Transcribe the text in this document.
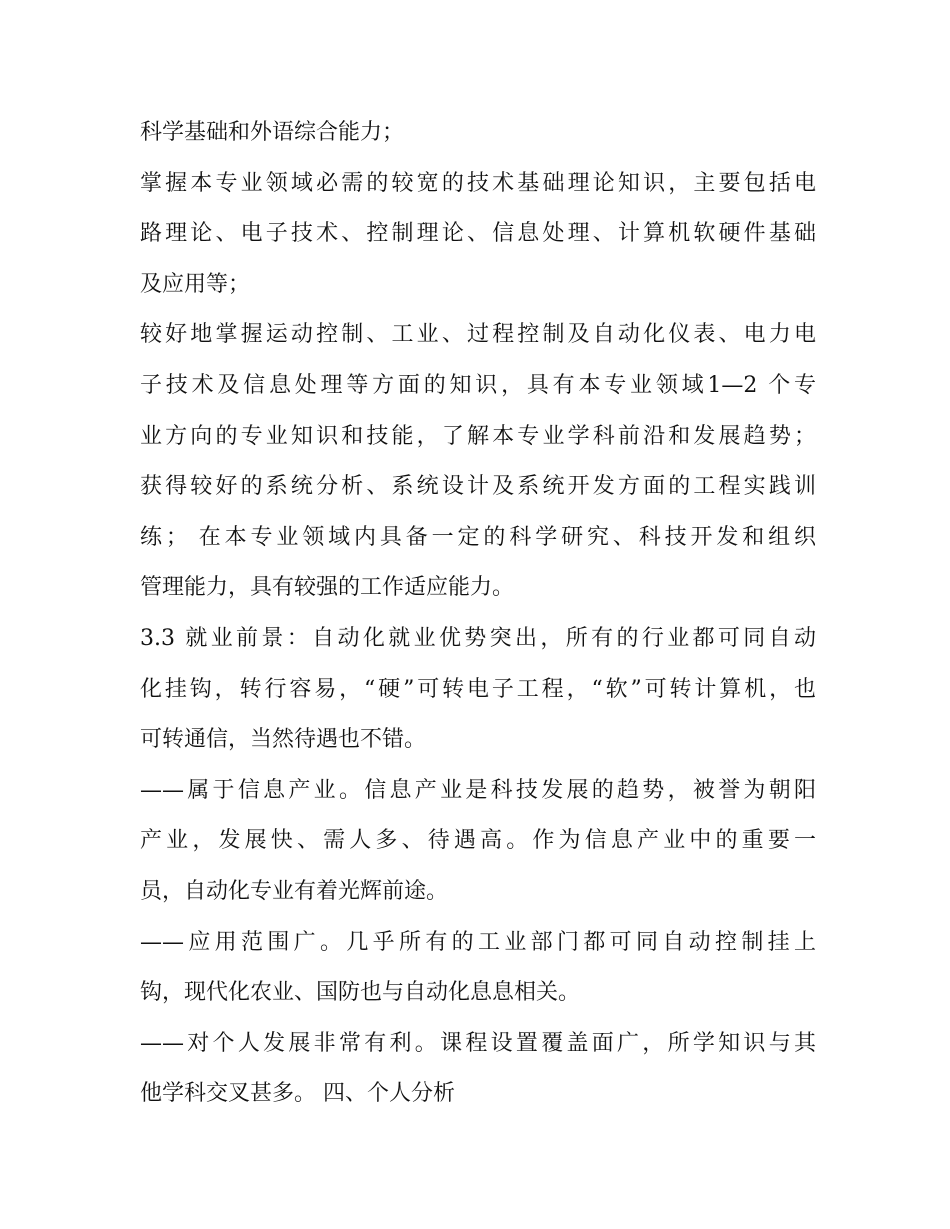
科学基础和外语综合能力；
掌握本专业领域必需的较宽的技术基础理论知识，主要包括电
路理论、电子技术、控制理论、信息处理、计算机软硬件基础
及应用等；
较好地掌握运动控制、工业、过程控制及自动化仪表、电力电
子技术及信息处理等方面的知识，具有本专业领域1—2 个专
业方向的专业知识和技能，了解本专业学科前沿和发展趋势；
获得较好的系统分析、系统设计及系统开发方面的工程实践训
练； 在本专业领域内具备一定的科学研究、科技开发和组织
管理能力，具有较强的工作适应能力。
3.3 就业前景：自动化就业优势突出，所有的行业都可同自动
化挂钩，转行容易，“硬”可转电子工程，“软”可转计算机，也
可转通信，当然待遇也不错。
——属于信息产业。信息产业是科技发展的趋势，被誉为朝阳
产业，发展快、需人多、待遇高。作为信息产业中的重要一
员，自动化专业有着光辉前途。
——应用范围广。几乎所有的工业部门都可同自动控制挂上
钩，现代化农业、国防也与自动化息息相关。
——对个人发展非常有利。课程设置覆盖面广，所学知识与其
他学科交叉甚多。 四、个人分析
